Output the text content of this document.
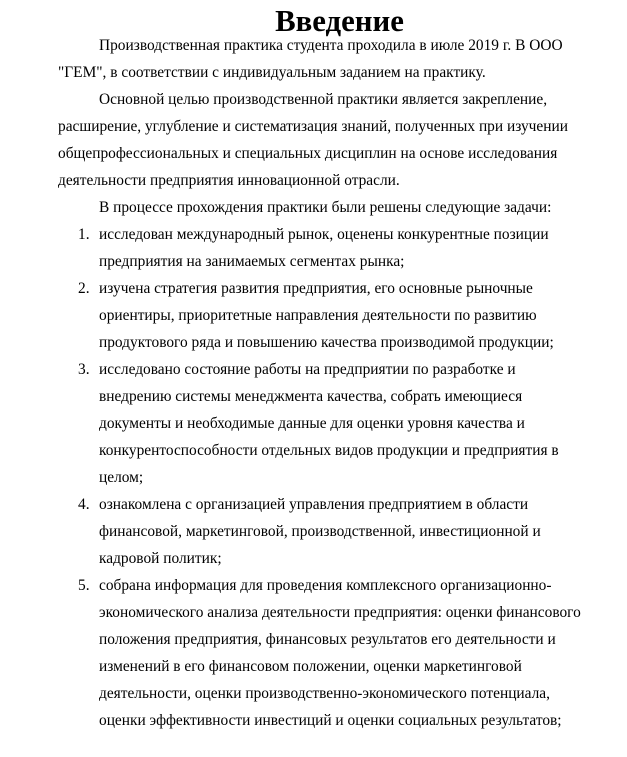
Введение

Производственная практика студента проходила в июле 2019 г. В ООО "ГЕМ", в соответствии с индивидуальным заданием на практику.

Основной целью производственной практики является закрепление, расширение, углубление и систематизация знаний, полученных при изучении общепрофессиональных и специальных дисциплин на основе исследования деятельности предприятия инновационной отрасли.

В процессе прохождения практики были решены следующие задачи:

1. исследован международный рынок, оценены конкурентные позиции предприятия на занимаемых сегментах рынка;
2. изучена стратегия развития предприятия, его основные рыночные ориентиры, приоритетные направления деятельности по развитию продуктового ряда и повышению качества производимой продукции;
3. исследовано состояние работы на предприятии по разработке и внедрению системы менеджмента качества, собрать имеющиеся документы и необходимые данные для оценки уровня качества и конкурентоспособности отдельных видов продукции и предприятия в целом;
4. ознакомлена с организацией управления предприятием в области финансовой, маркетинговой, производственной, инвестиционной и кадровой политик;
5. собрана информация для проведения комплексного организационно-экономического анализа деятельности предприятия: оценки финансового положения предприятия, финансовых результатов его деятельности и изменений в его финансовом положении, оценки маркетинговой деятельности, оценки производственно-экономического потенциала, оценки эффективности инвестиций и оценки социальных результатов;
